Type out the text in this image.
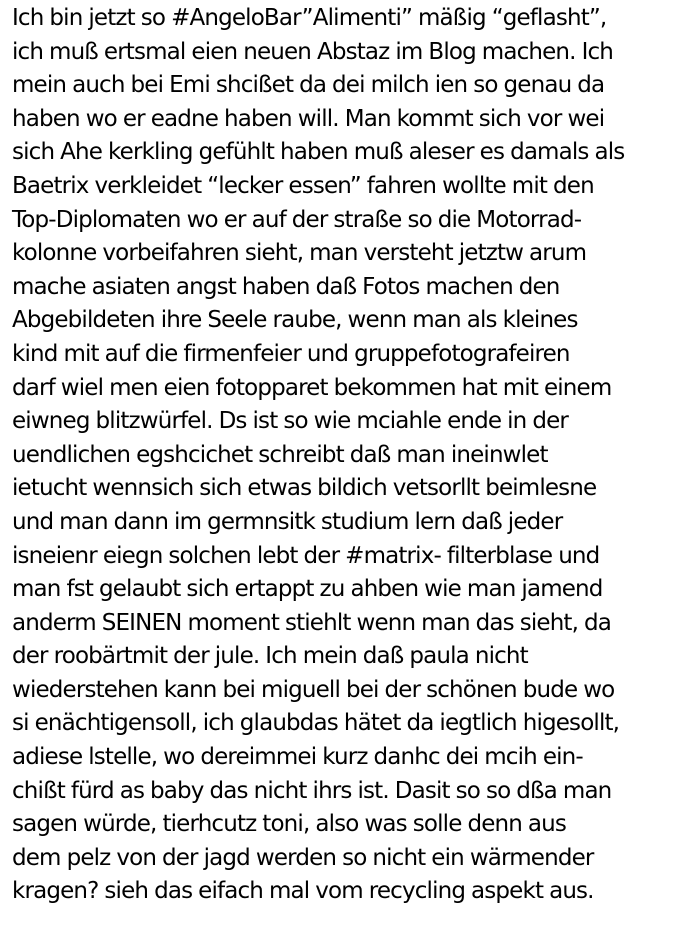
Ich bin jetzt so #AngeloBar”Alimenti” mäßig “geflasht”,
ich muß ertsmal eien neuen Abstaz im Blog machen. Ich
mein auch bei Emi shcißet da dei milch ien so genau da
haben wo er eadne haben will. Man kommt sich vor wei
sich Ahe kerkling gefühlt haben muß aleser es damals als
Baetrix verkleidet “lecker essen” fahren wollte mit den
Top-Diplomaten wo er auf der straße so die Motorrad-
kolonne vorbeifahren sieht, man versteht jetztw arum
mache asiaten angst haben daß Fotos machen den
Abgebildeten ihre Seele raube, wenn man als kleines
kind mit auf die firmenfeier und gruppefotografeiren
darf wiel men eien fotopparet bekommen hat mit einem
eiwneg blitzwürfel. Ds ist so wie mciahle ende in der
uendlichen egshcichet schreibt daß man ineinwlet
ietucht wennsich sich etwas bildich vetsorllt beimlesne
und man dann im germnsitk studium lern daß jeder
isneienr eiegn solchen lebt der #matrix- filterblase und
man fst gelaubt sich ertappt zu ahben wie man jamend
anderm SEINEN moment stiehlt wenn man das sieht, da
der roobärtmit der jule. Ich mein daß paula nicht
wiederstehen kann bei miguell bei der schönen bude wo
si enächtigensoll, ich glaubdas hätet da iegtlich higesollt,
adiese lstelle, wo dereimmei kurz danhc dei mcih ein-
chißt fürd as baby das nicht ihrs ist. Dasit so so dßa man
sagen würde, tierhcutz toni, also was solle denn aus
dem pelz von der jagd werden so nicht ein wärmender
kragen? sieh das eifach mal vom recycling aspekt aus.
